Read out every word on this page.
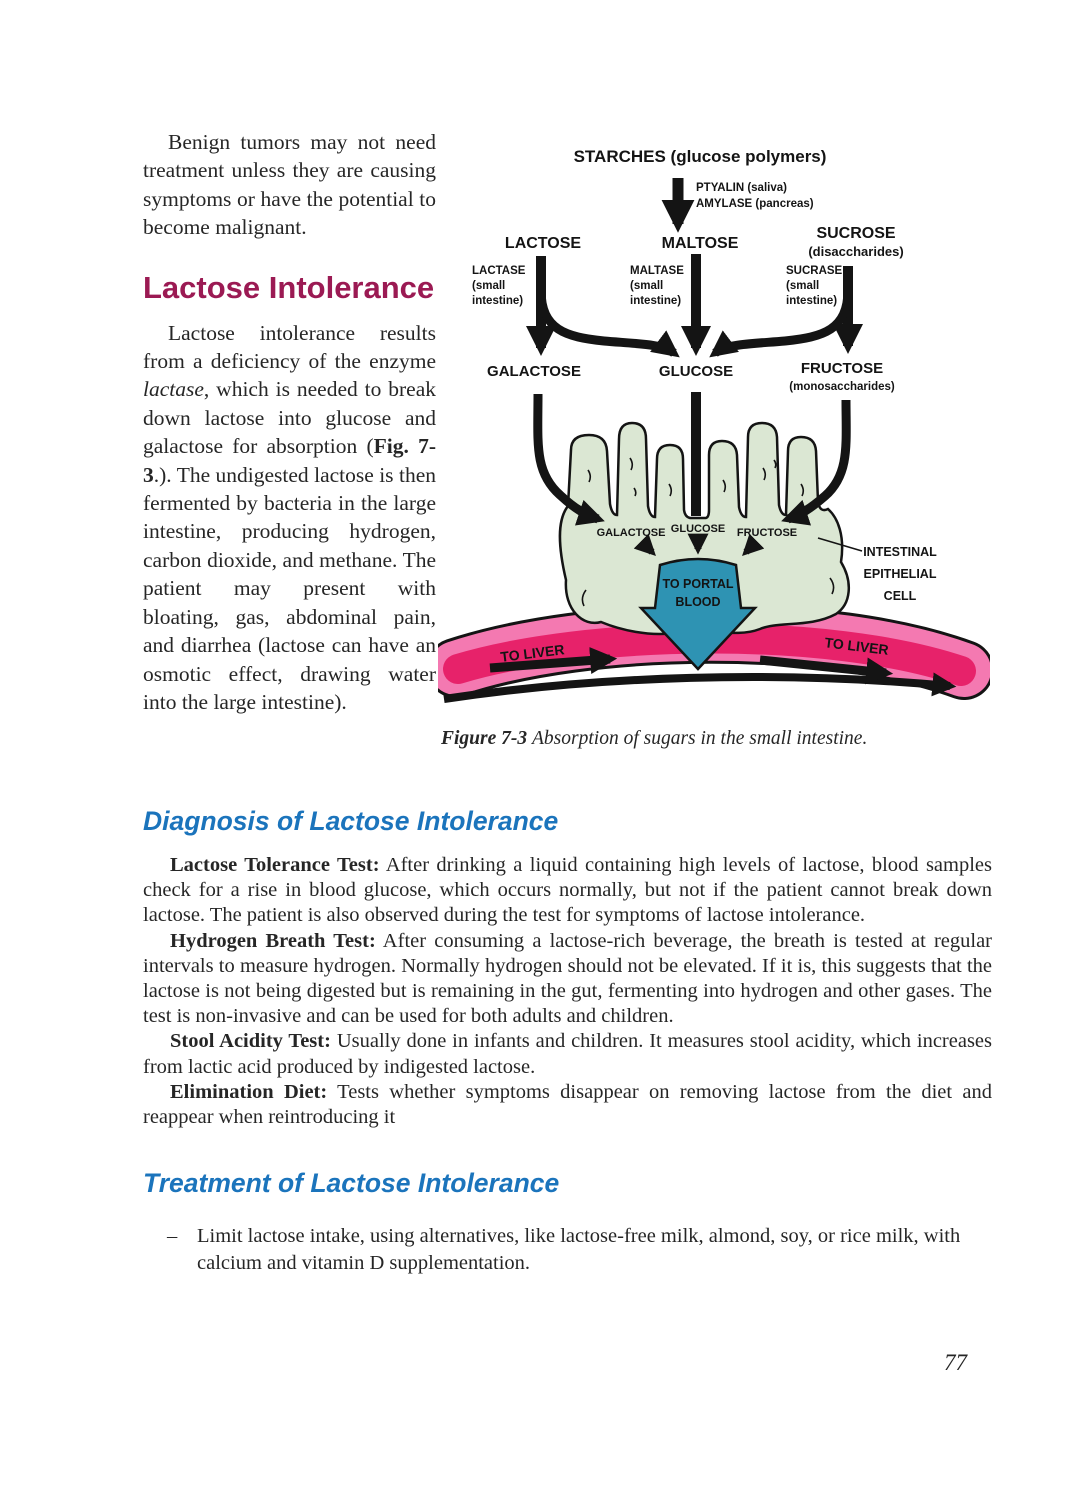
Benign tumors may not need treatment unless they are causing symptoms or have the potential to become malignant.

Lactose Intolerance

Lactose intolerance results from a deficiency of the enzyme lactase, which is needed to break down lactose into glucose and galactose for absorption (Fig. 7-3.). The undigested lactose is then fermented by bacteria in the large intestine, producing hydrogen, carbon dioxide, and methane. The patient may present with bloating, gas, abdominal pain, and diarrhea (lactose can have an osmotic effect, drawing water into the large intestine).

STARCHES (glucose polymers)
PTYALIN (saliva)
AMYLASE (pancreas)
LACTOSE	MALTOSE
SUCROSE
(disaccharides)
LACTASE
(small
intestine)
MALTASE
(small
intestine)
SUCRASE
(small
intestine)
GALACTOSE	GLUCOSE	FRUCTOSE
(monosaccharides)
GALACTOSE GLUCOSE FRUCTOSE
TO LIVER	TO LIVER
TO PORTAL
BLOOD
INTESTINAL
EPITHELIAL
CELL
Figure 7-3 Absorption of sugars in the small intestine.
Diagnosis of Lactose Intolerance

Lactose Tolerance Test: After drinking a liquid containing high levels of lactose, blood samples check for a rise in blood glucose, which occurs normally, but not if the patient cannot break down lactose. The patient is also observed during the test for symptoms of lactose intolerance.

Hydrogen Breath Test: After consuming a lactose-rich beverage, the breath is tested at regular intervals to measure hydrogen. Normally hydrogen should not be elevated. If it is, this suggests that the lactose is not being digested but is remaining in the gut, fermenting into hydrogen and other gases. The test is non-invasive and can be used for both adults and children.

Stool Acidity Test: Usually done in infants and children. It measures stool acidity, which increases from lactic acid produced by indigested lactose.

Elimination Diet: Tests whether symptoms disappear on removing lactose from the diet and reappear when reintroducing it

Treatment of Lactose Intolerance
– Limit lactose intake, using alternatives, like lactose-free milk, almond, soy, or rice milk, with calcium and vitamin D supplementation.
77
